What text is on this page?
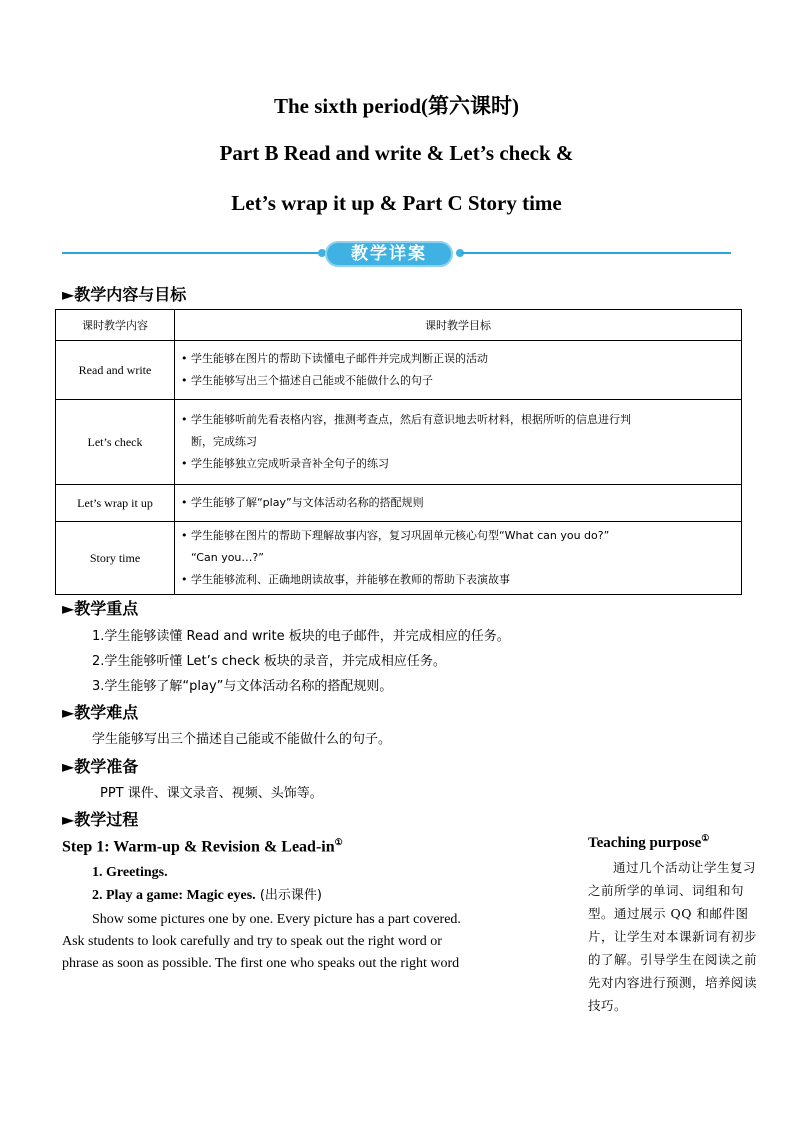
The sixth period(第六课时)
Part B Read and write & Let’s check &
Let’s wrap it up & Part C Story time
教学详案
►教学内容与目标
课时教学内容	课时教学目标
Read and write	• 学生能够在图片的帮助下读懂电子邮件并完成判断正误的活动
• 学生能够写出三个描述自己能或不能做什么的句子

Let’s check	• 学生能够听前先看表格内容，推测考查点，然后有意识地去听材料，根据所听的信息进行判
断，完成练习
• 学生能够独立完成听录音补全句子的练习

Let’s wrap it up	• 学生能够了解“play”与文体活动名称的搭配规则

Story time	• 学生能够在图片的帮助下理解故事内容，复习巩固单元核心句型“What can you do?”
“Can you…?”
• 学生能够流利、正确地朗读故事，并能够在教师的帮助下表演故事
►教学重点
1.学生能够读懂 Read and write 板块的电子邮件，并完成相应的任务。
2.学生能够听懂 Let’s check 板块的录音，并完成相应任务。
3.学生能够了解“play”与文体活动名称的搭配规则。
►教学难点
学生能够写出三个描述自己能或不能做什么的句子。
►教学准备
PPT 课件、课文录音、视频、头饰等。
►教学过程
Step 1: Warm-up & Revision & Lead-in①
1. Greetings.
2. Play a game: Magic eyes. (出示课件)
Show some pictures one by one. Every picture has a part covered.
Ask students to look carefully and try to speak out the right word or
phrase as soon as possible. The first one who speaks out the right word
Teaching purpose①
通过几个活动让学生复习之前所学的单词、词组和句型。通过展示 QQ 和邮件图片，让学生对本课新词有初步的了解。引导学生在阅读之前先对内容进行预测，培养阅读技巧。
